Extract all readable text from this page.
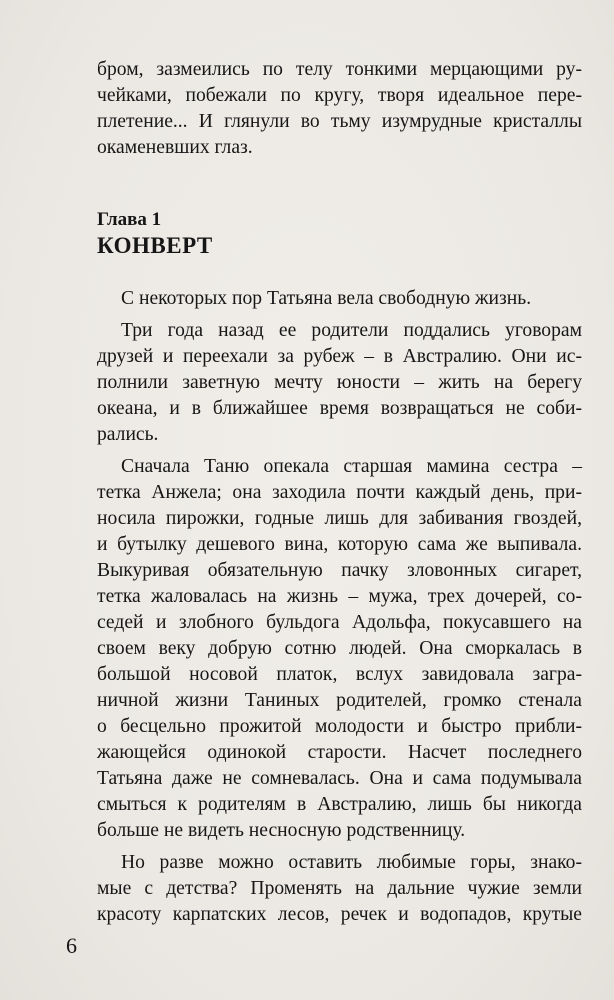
бром, зазмеились по телу тонкими мерцающими ру-
чейками, побежали по кругу, творя идеальное пере-
плетение... И глянули во тьму изумрудные кристаллы
окаменевших глаз.
Глава 1
КОНВЕРТ
С некоторых пор Татьяна вела свободную жизнь.
Три года назад ее родители поддались уговорам
друзей и переехали за рубеж – в Австралию. Они ис-
полнили заветную мечту юности – жить на берегу
океана, и в ближайшее время возвращаться не соби-
рались.
Сначала Таню опекала старшая мамина сестра –
тетка Анжела; она заходила почти каждый день, при-
носила пирожки, годные лишь для забивания гвоздей,
и бутылку дешевого вина, которую сама же выпивала.
Выкуривая обязательную пачку зловонных сигарет,
тетка жаловалась на жизнь – мужа, трех дочерей, со-
седей и злобного бульдога Адольфа, покусавшего на
своем веку добрую сотню людей. Она сморкалась в
большой носовой платок, вслух завидовала загра-
ничной жизни Таниных родителей, громко стенала
о бесцельно прожитой молодости и быстро прибли-
жающейся одинокой старости. Насчет последнего
Татьяна даже не сомневалась. Она и сама подумывала
смыться к родителям в Австралию, лишь бы никогда
больше не видеть несносную родственницу.
Но разве можно оставить любимые горы, знако-
мые с детства? Променять на дальние чужие земли
красоту карпатских лесов, речек и водопадов, крутые
6
